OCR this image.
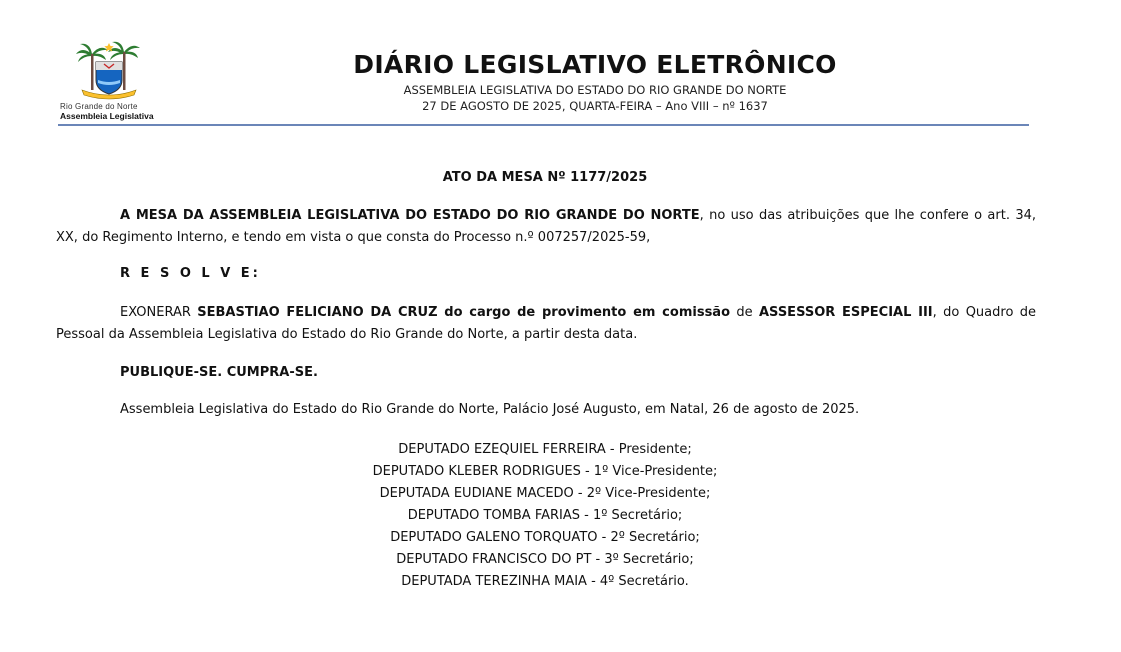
Rio Grande do Norte
Assembleia Legislativa
DIÁRIO LEGISLATIVO ELETRÔNICO
ASSEMBLEIA LEGISLATIVA DO ESTADO DO RIO GRANDE DO NORTE
27 DE AGOSTO DE 2025, QUARTA-FEIRA – Ano VIII – nº 1637
ATO DA MESA Nº 1177/2025
A MESA DA ASSEMBLEIA LEGISLATIVA DO ESTADO DO RIO GRANDE DO NORTE, no uso das atribuições que lhe confere o art. 34, XX, do Regimento Interno, e tendo em vista o que consta do Processo n.º 007257/2025-59,
R E S O L V E:
EXONERAR SEBASTIAO FELICIANO DA CRUZ do cargo de provimento em comissão de ASSESSOR ESPECIAL III, do Quadro de Pessoal da Assembleia Legislativa do Estado do Rio Grande do Norte, a partir desta data.
PUBLIQUE-SE. CUMPRA-SE.
Assembleia Legislativa do Estado do Rio Grande do Norte, Palácio José Augusto, em Natal, 26 de agosto de 2025.
DEPUTADO EZEQUIEL FERREIRA - Presidente;
DEPUTADO KLEBER RODRIGUES - 1º Vice-Presidente;
DEPUTADA EUDIANE MACEDO - 2º Vice-Presidente;
DEPUTADO TOMBA FARIAS - 1º Secretário;
DEPUTADO GALENO TORQUATO - 2º Secretário;
DEPUTADO FRANCISCO DO PT - 3º Secretário;
DEPUTADA TEREZINHA MAIA - 4º Secretário.
